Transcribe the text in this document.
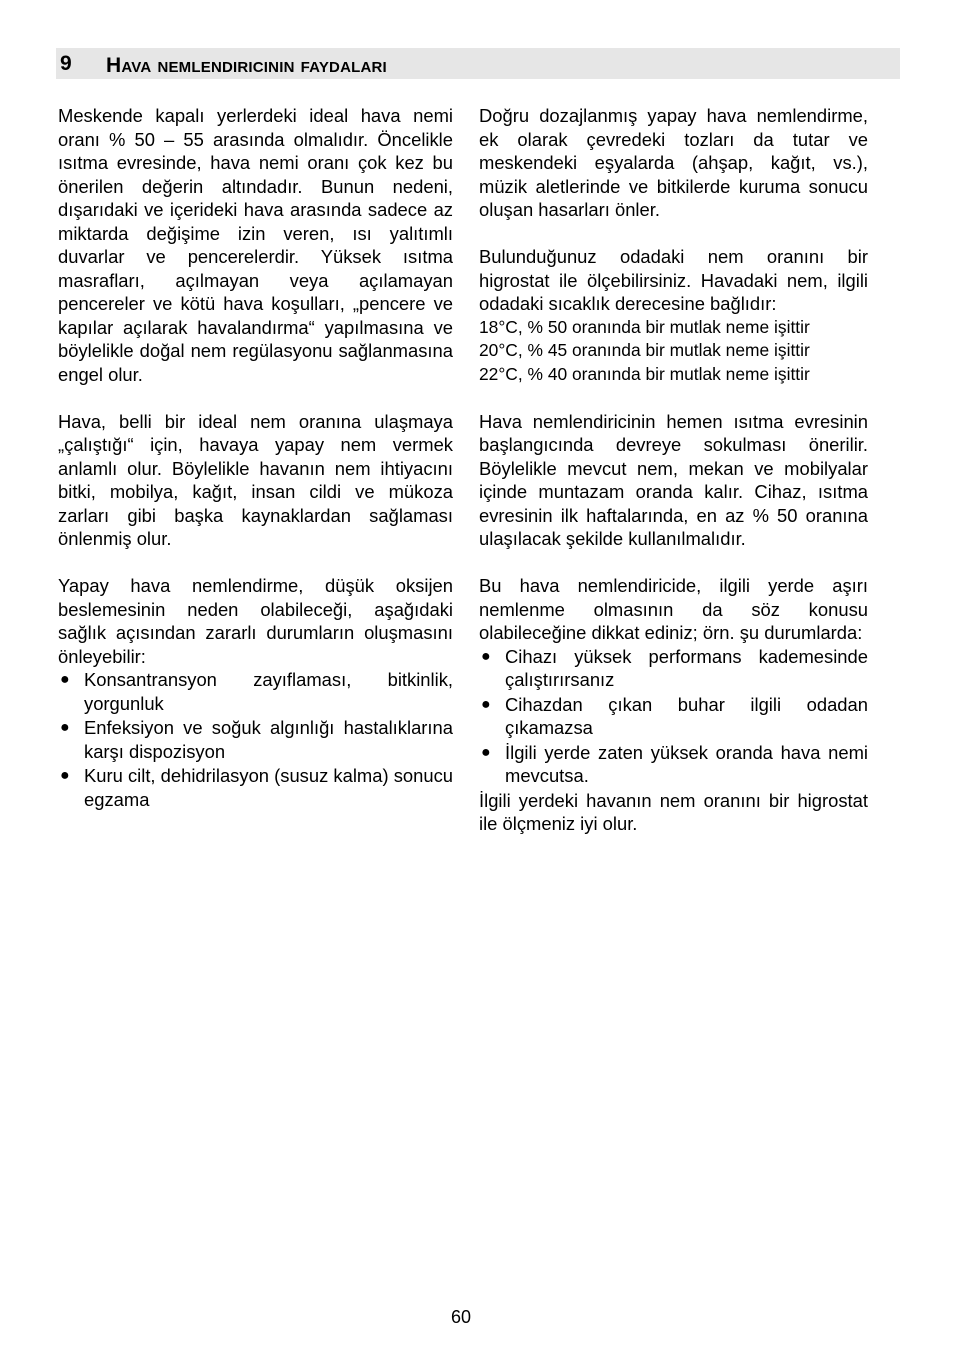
9 Hava nemlendiricinin faydaları

Meskende kapalı yerlerdeki ideal hava nemi oranı % 50 – 55 arasında olmalıdır. Öncelikle ısıtma evresinde, hava nemi oranı çok kez bu önerilen değerin altındadır. Bunun nedeni, dışarıdaki ve içerideki hava arasında sadece az miktarda değişime izin veren, ısı yalıtımlı duvarlar ve pencerelerdir. Yüksek ısıtma masrafları, açılmayan veya açılamayan pencereler ve kötü hava koşulları, „pencere ve kapılar açılarak havalandırma“ yapılmasına ve böylelikle doğal nem regülasyonu sağlanmasına engel olur.

Hava, belli bir ideal nem oranına ulaşmaya „çalıştığı“ için, havaya yapay nem vermek anlamlı olur. Böylelikle havanın nem ihtiyacını bitki, mobilya, kağıt, insan cildi ve mükoza zarları gibi başka kaynaklardan sağlaması önlenmiş olur.

Yapay hava nemlendirme, düşük oksijen beslemesinin neden olabileceği, aşağıdaki sağlık açısından zararlı durumların oluşmasını önleyebilir:

● Konsantransyon zayıflaması, bitkinlik, yorgunluk
● Enfeksiyon ve soğuk algınlığı hastalıklarına karşı dispozisyon
● Kuru cilt, dehidrilasyon (susuz kalma) sonucu egzama

Doğru dozajlanmış yapay hava nemlendirme, ek olarak çevredeki tozları da tutar ve meskendeki eşyalarda (ahşap, kağıt, vs.), müzik aletlerinde ve bitkilerde kuruma sonucu oluşan hasarları önler.

Bulunduğunuz odadaki nem oranını bir higrostat ile ölçebilirsiniz. Havadaki nem, ilgili odadaki sıcaklık derecesine bağlıdır:

18°C, % 50 oranında bir mutlak neme işittir

20°C, % 45 oranında bir mutlak neme işittir

22°C, % 40 oranında bir mutlak neme işittir

Hava nemlendiricinin hemen ısıtma evresinin başlangıcında devreye sokulması önerilir. Böylelikle mevcut nem, mekan ve mobilyalar içinde muntazam oranda kalır. Cihaz, ısıtma evresinin ilk haftalarında, en az % 50 oranına ulaşılacak şekilde kullanılmalıdır.

Bu hava nemlendiricide, ilgili yerde aşırı nemlenme olmasının da söz konusu olabileceğine dikkat ediniz; örn. şu durumlarda:

● Cihazı yüksek performans kademesinde çalıştırırsanız
● Cihazdan çıkan buhar ilgili odadan çıkamazsa
● İlgili yerde zaten yüksek oranda hava nemi mevcutsa.

İlgili yerdeki havanın nem oranını bir higrostat ile ölçmeniz iyi olur.

60
